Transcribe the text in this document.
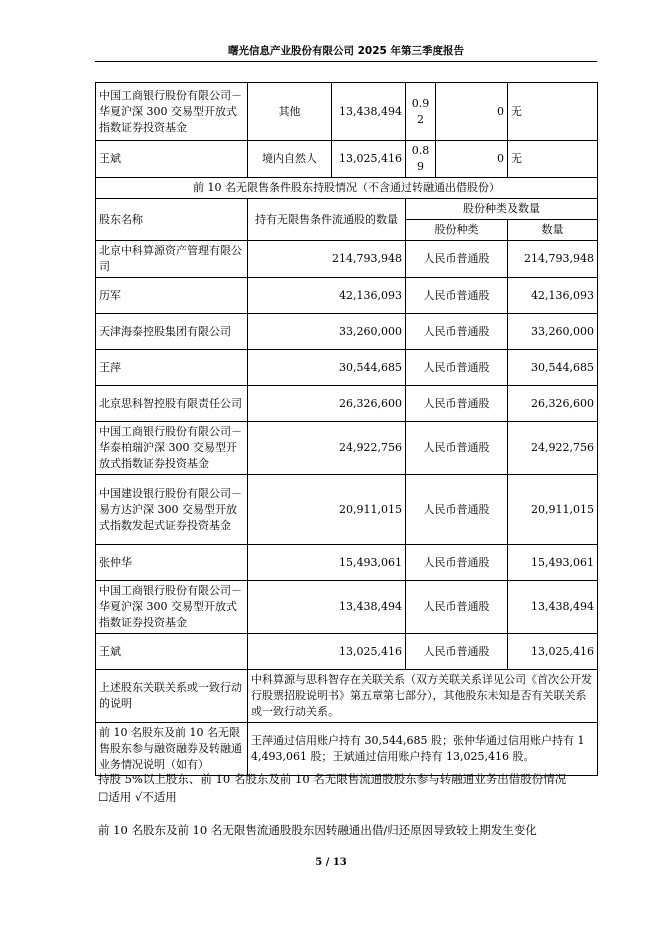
曙光信息产业股份有限公司 2025 年第三季度报告
中国工商银行股份有限公司－华夏沪深 300 交易型开放式指数证券投资基金	其他	13,438,494	0.92	0	无
王斌	境内自然人	13,025,416	0.89	0	无
前 10 名无限售条件股东持股情况（不含通过转融通出借股份）					
股东名称	持有无限售条件流通股的数量		股份种类及数量		
			股份种类		数量
北京中科算源资产管理有限公司	214,793,948		人民币普通股		214,793,948
历军	42,136,093		人民币普通股		42,136,093
天津海泰控股集团有限公司	33,260,000		人民币普通股		33,260,000
王萍	30,544,685		人民币普通股		30,544,685
北京思科智控股有限责任公司	26,326,600		人民币普通股		26,326,600
中国工商银行股份有限公司－华泰柏瑞沪深 300 交易型开放式指数证券投资基金	24,922,756		人民币普通股		24,922,756
中国建设银行股份有限公司－易方达沪深 300 交易型开放式指数发起式证券投资基金	20,911,015		人民币普通股		20,911,015
张仲华	15,493,061		人民币普通股		15,493,061
中国工商银行股份有限公司－华夏沪深 300 交易型开放式指数证券投资基金	13,438,494		人民币普通股		13,438,494
王斌	13,025,416		人民币普通股		13,025,416
上述股东关联关系或一致行动的说明	中科算源与思科智存在关联关系（双方关联关系详见公司《首次公开发行股票招股说明书》第五章第七部分），其他股东未知是否有关联关系或一致行动关系。				
前 10 名股东及前 10 名无限售股东参与融资融券及转融通业务情况说明（如有）	王萍通过信用账户持有 30,544,685 股；张仲华通过信用账户持有 14,493,061 股；王斌通过信用账户持有 13,025,416 股。				
持股 5%以上股东、前 10 名股东及前 10 名无限售流通股股东参与转融通业务出借股份情况
☐适用 √不适用
前 10 名股东及前 10 名无限售流通股股东因转融通出借/归还原因导致较上期发生变化
5 / 13
